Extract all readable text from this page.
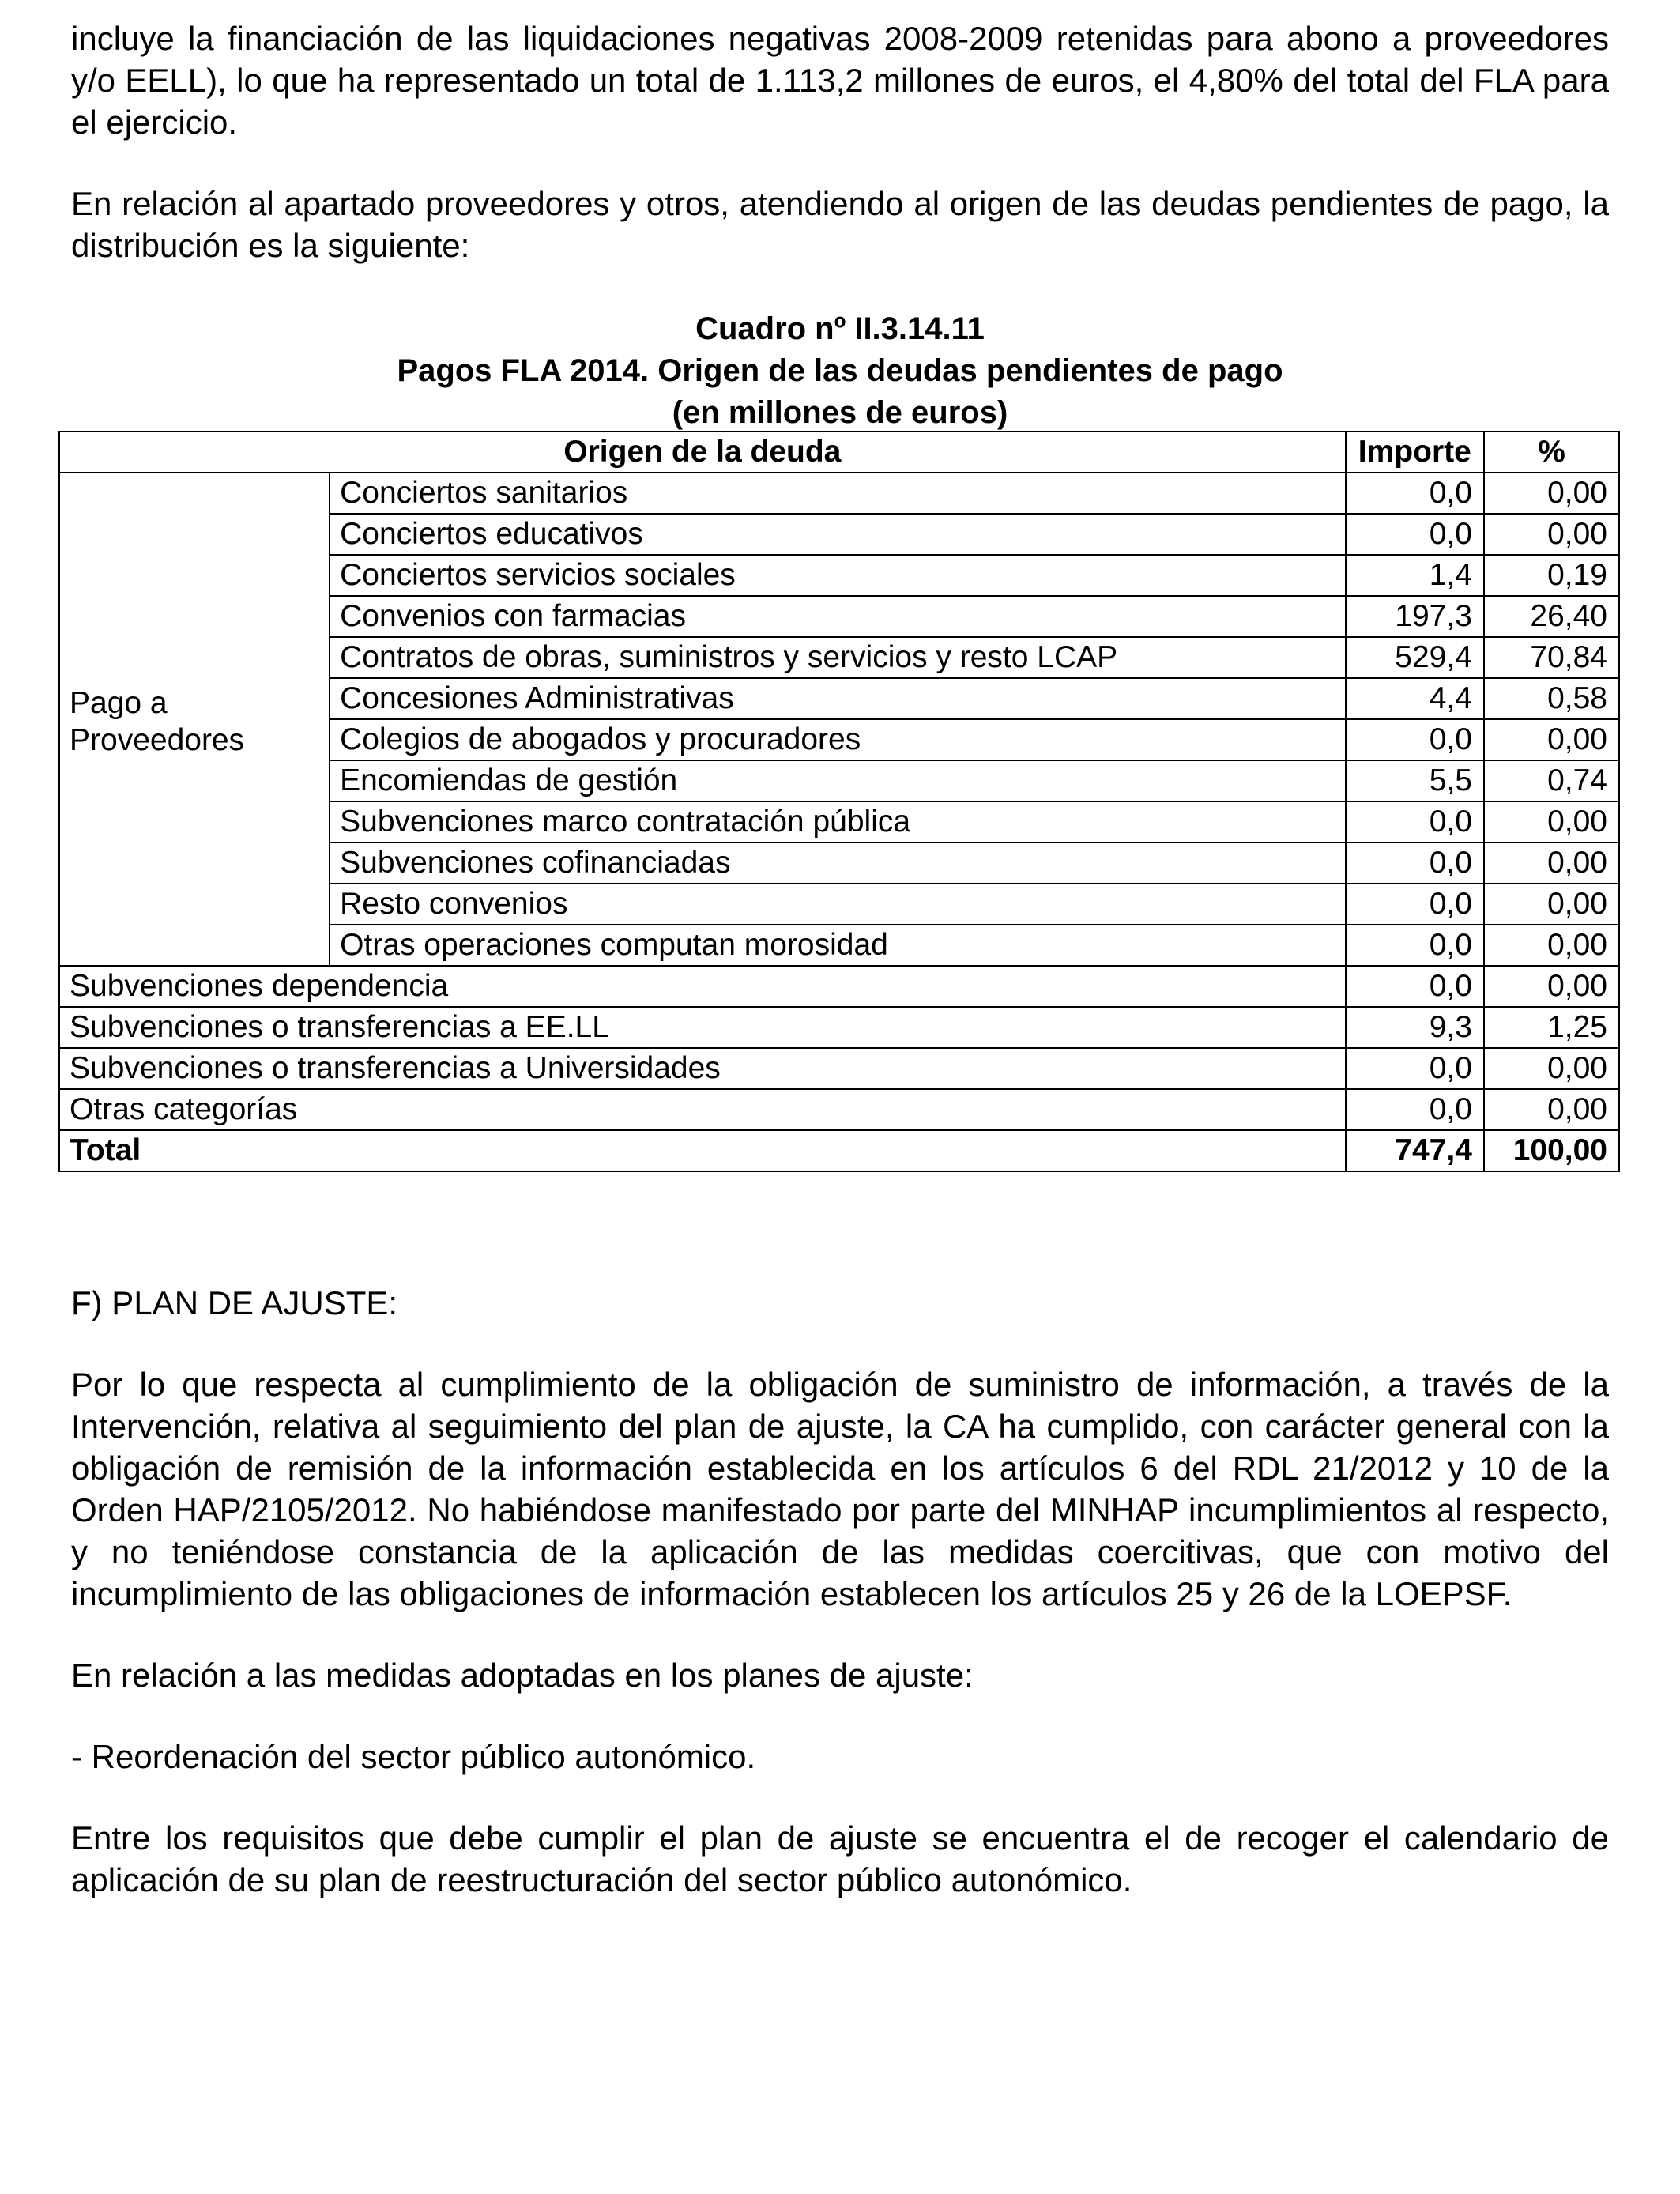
incluye la financiación de las liquidaciones negativas 2008-2009 retenidas para abono a proveedores y/o EELL), lo que ha representado un total de 1.113,2 millones de euros, el 4,80% del total del FLA para el ejercicio.

En relación al apartado proveedores y otros, atendiendo al origen de las deudas pendientes de pago, la distribución es la siguiente:

Cuadro nº II.3.14.11

Pagos FLA 2014. Origen de las deudas pendientes de pago

(en millones de euros)

Origen de la deuda		Importe	%
Pago a Proveedores	Conciertos sanitarios	0,0	0,00
	Conciertos educativos	0,0	0,00
	Conciertos servicios sociales	1,4	0,19
	Convenios con farmacias	197,3	26,40
	Contratos de obras, suministros y servicios y resto LCAP	529,4	70,84
	Concesiones Administrativas	4,4	0,58
	Colegios de abogados y procuradores	0,0	0,00
	Encomiendas de gestión	5,5	0,74
	Subvenciones marco contratación pública	0,0	0,00
	Subvenciones cofinanciadas	0,0	0,00
	Resto convenios	0,0	0,00
	Otras operaciones computan morosidad	0,0	0,00
Subvenciones dependencia		0,0	0,00
Subvenciones o transferencias a EE.LL		9,3	1,25
Subvenciones o transferencias a Universidades		0,0	0,00
Otras categorías		0,0	0,00
Total		747,4	100,00

F) PLAN DE AJUSTE:

Por lo que respecta al cumplimiento de la obligación de suministro de información, a través de la Intervención, relativa al seguimiento del plan de ajuste, la CA ha cumplido, con carácter general con la obligación de remisión de la información establecida en los artículos 6 del RDL 21/2012 y 10 de la Orden HAP/2105/2012. No habiéndose manifestado por parte del MINHAP incumplimientos al respecto, y no teniéndose constancia de la aplicación de las medidas coercitivas, que con motivo del incumplimiento de las obligaciones de información establecen los artículos 25 y 26 de la LOEPSF.

En relación a las medidas adoptadas en los planes de ajuste:

- Reordenación del sector público autonómico.

Entre los requisitos que debe cumplir el plan de ajuste se encuentra el de recoger el calendario de aplicación de su plan de reestructuración del sector público autonómico.
